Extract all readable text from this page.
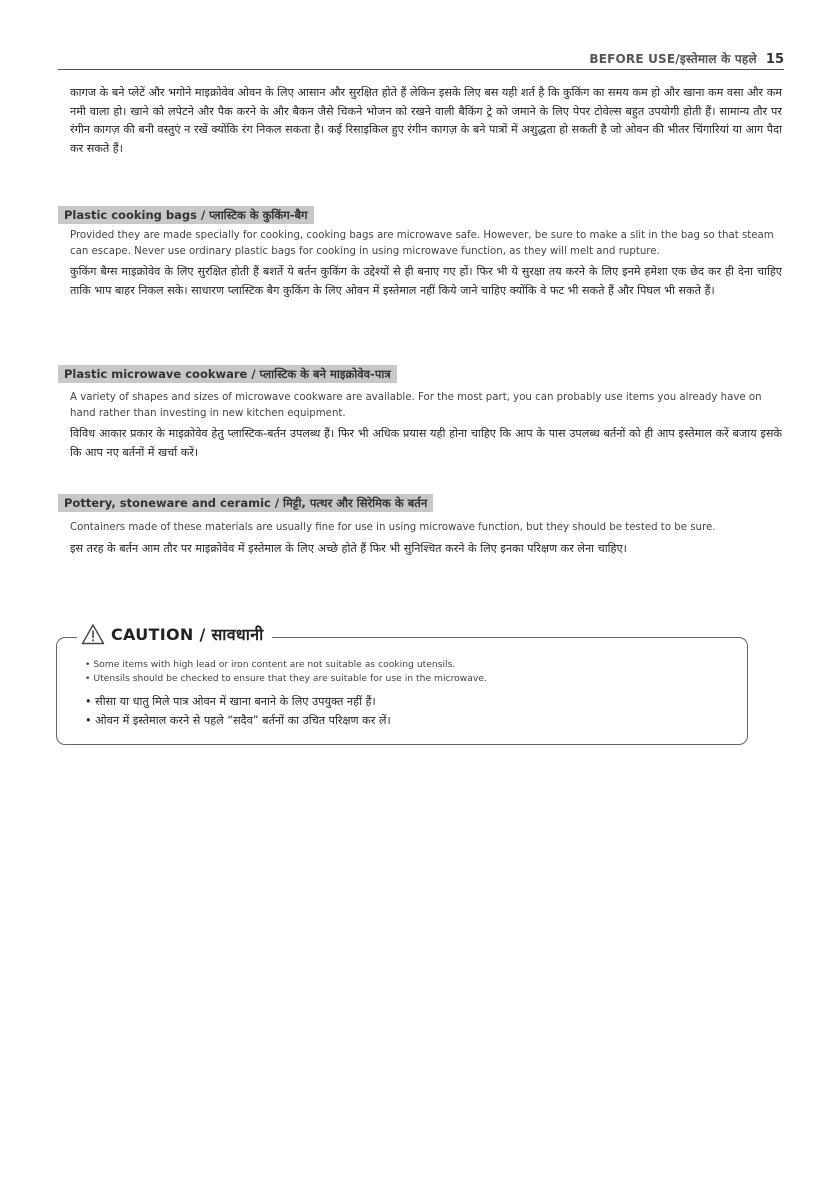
BEFORE USE/इस्तेमाल के पहले 15

कागज के बने प्लेटें और भगोने माइक्रोवेव ओवन के लिए आसान और सुरक्षित होते हैं लेकिन इसके लिए बस यही शर्त है कि कुकिंग का समय कम हो और खाना कम वसा और कम नमी वाला हो। खाने को लपेटने और पैक करने के और बैकन जैसे चिकने भोजन को रखने वाली बैकिंग ट्रे को जमाने के लिए पेपर टोवेल्स बहुत उपयोगी होती हैं। सामान्य तौर पर रंगीन कागज़ की बनी वस्तुएं न रखें क्योंकि रंग निकल सकता है। कई रिसाइकिल हुए रंगीन कागज़ के बने पात्रों में अशुद्धता हो सकती है जो ओवन की भीतर चिंगारियां या आग पैदा कर सकते हैं।

Plastic cooking bags / प्लास्टिक के कुकिंग-बैग

Provided they are made specially for cooking, cooking bags are microwave safe. However, be sure to make a slit in the bag so that steam can escape. Never use ordinary plastic bags for cooking in using microwave function, as they will melt and rupture.

कुकिंग बैग्स माइक्रोवेव के लिए सुरक्षित होती हैं बशर्ते ये बर्तन कुकिंग के उद्देश्यों से ही बनाए गए हों। फिर भी ये सुरक्षा तय करने के लिए इनमे हमेशा एक छेद कर ही देना चाहिए ताकि भाप बाहर निकल सके। साधारण प्लास्टिक बैग कुकिंग के लिए ओवन में इस्तेमाल नहीं किये जाने चाहिए क्योंकि वे फट भी सकते हैं और पिघल भी सकते हैं।

Plastic microwave cookware / प्लास्टिक के बने माइक्रोवेव-पात्र

A variety of shapes and sizes of microwave cookware are available. For the most part, you can probably use items you already have on hand rather than investing in new kitchen equipment.

विविध आकार प्रकार के माइक्रोवेव हेतु प्लास्टिक-बर्तन उपलब्ध हैं। फिर भी अधिक प्रयास यही होना चाहिए कि आप के पास उपलब्ध बर्तनों को ही आप इस्तेमाल करें बजाय इसके कि आप नए बर्तनों में खर्चा करें।

Pottery, stoneware and ceramic / मिट्टी, पत्थर और सिरेमिक के बर्तन

Containers made of these materials are usually fine for use in using microwave function, but they should be tested to be sure.

इस तरह के बर्तन आम तौर पर माइक्रोवेव में इस्तेमाल के लिए अच्छे होते हैं फिर भी सुनिश्चित करने के लिए इनका परिक्षण कर लेना चाहिए।

CAUTION / सावधानी

• Some items with high lead or iron content are not suitable as cooking utensils.

• Utensils should be checked to ensure that they are suitable for use in the microwave.

• सीसा या धातु मिले पात्र ओवन में खाना बनाने के लिए उपयुक्त नहीं हैं।

• ओवन में इस्तेमाल करने से पहले “सदैव” बर्तनों का उचित परिक्षण कर लें।
